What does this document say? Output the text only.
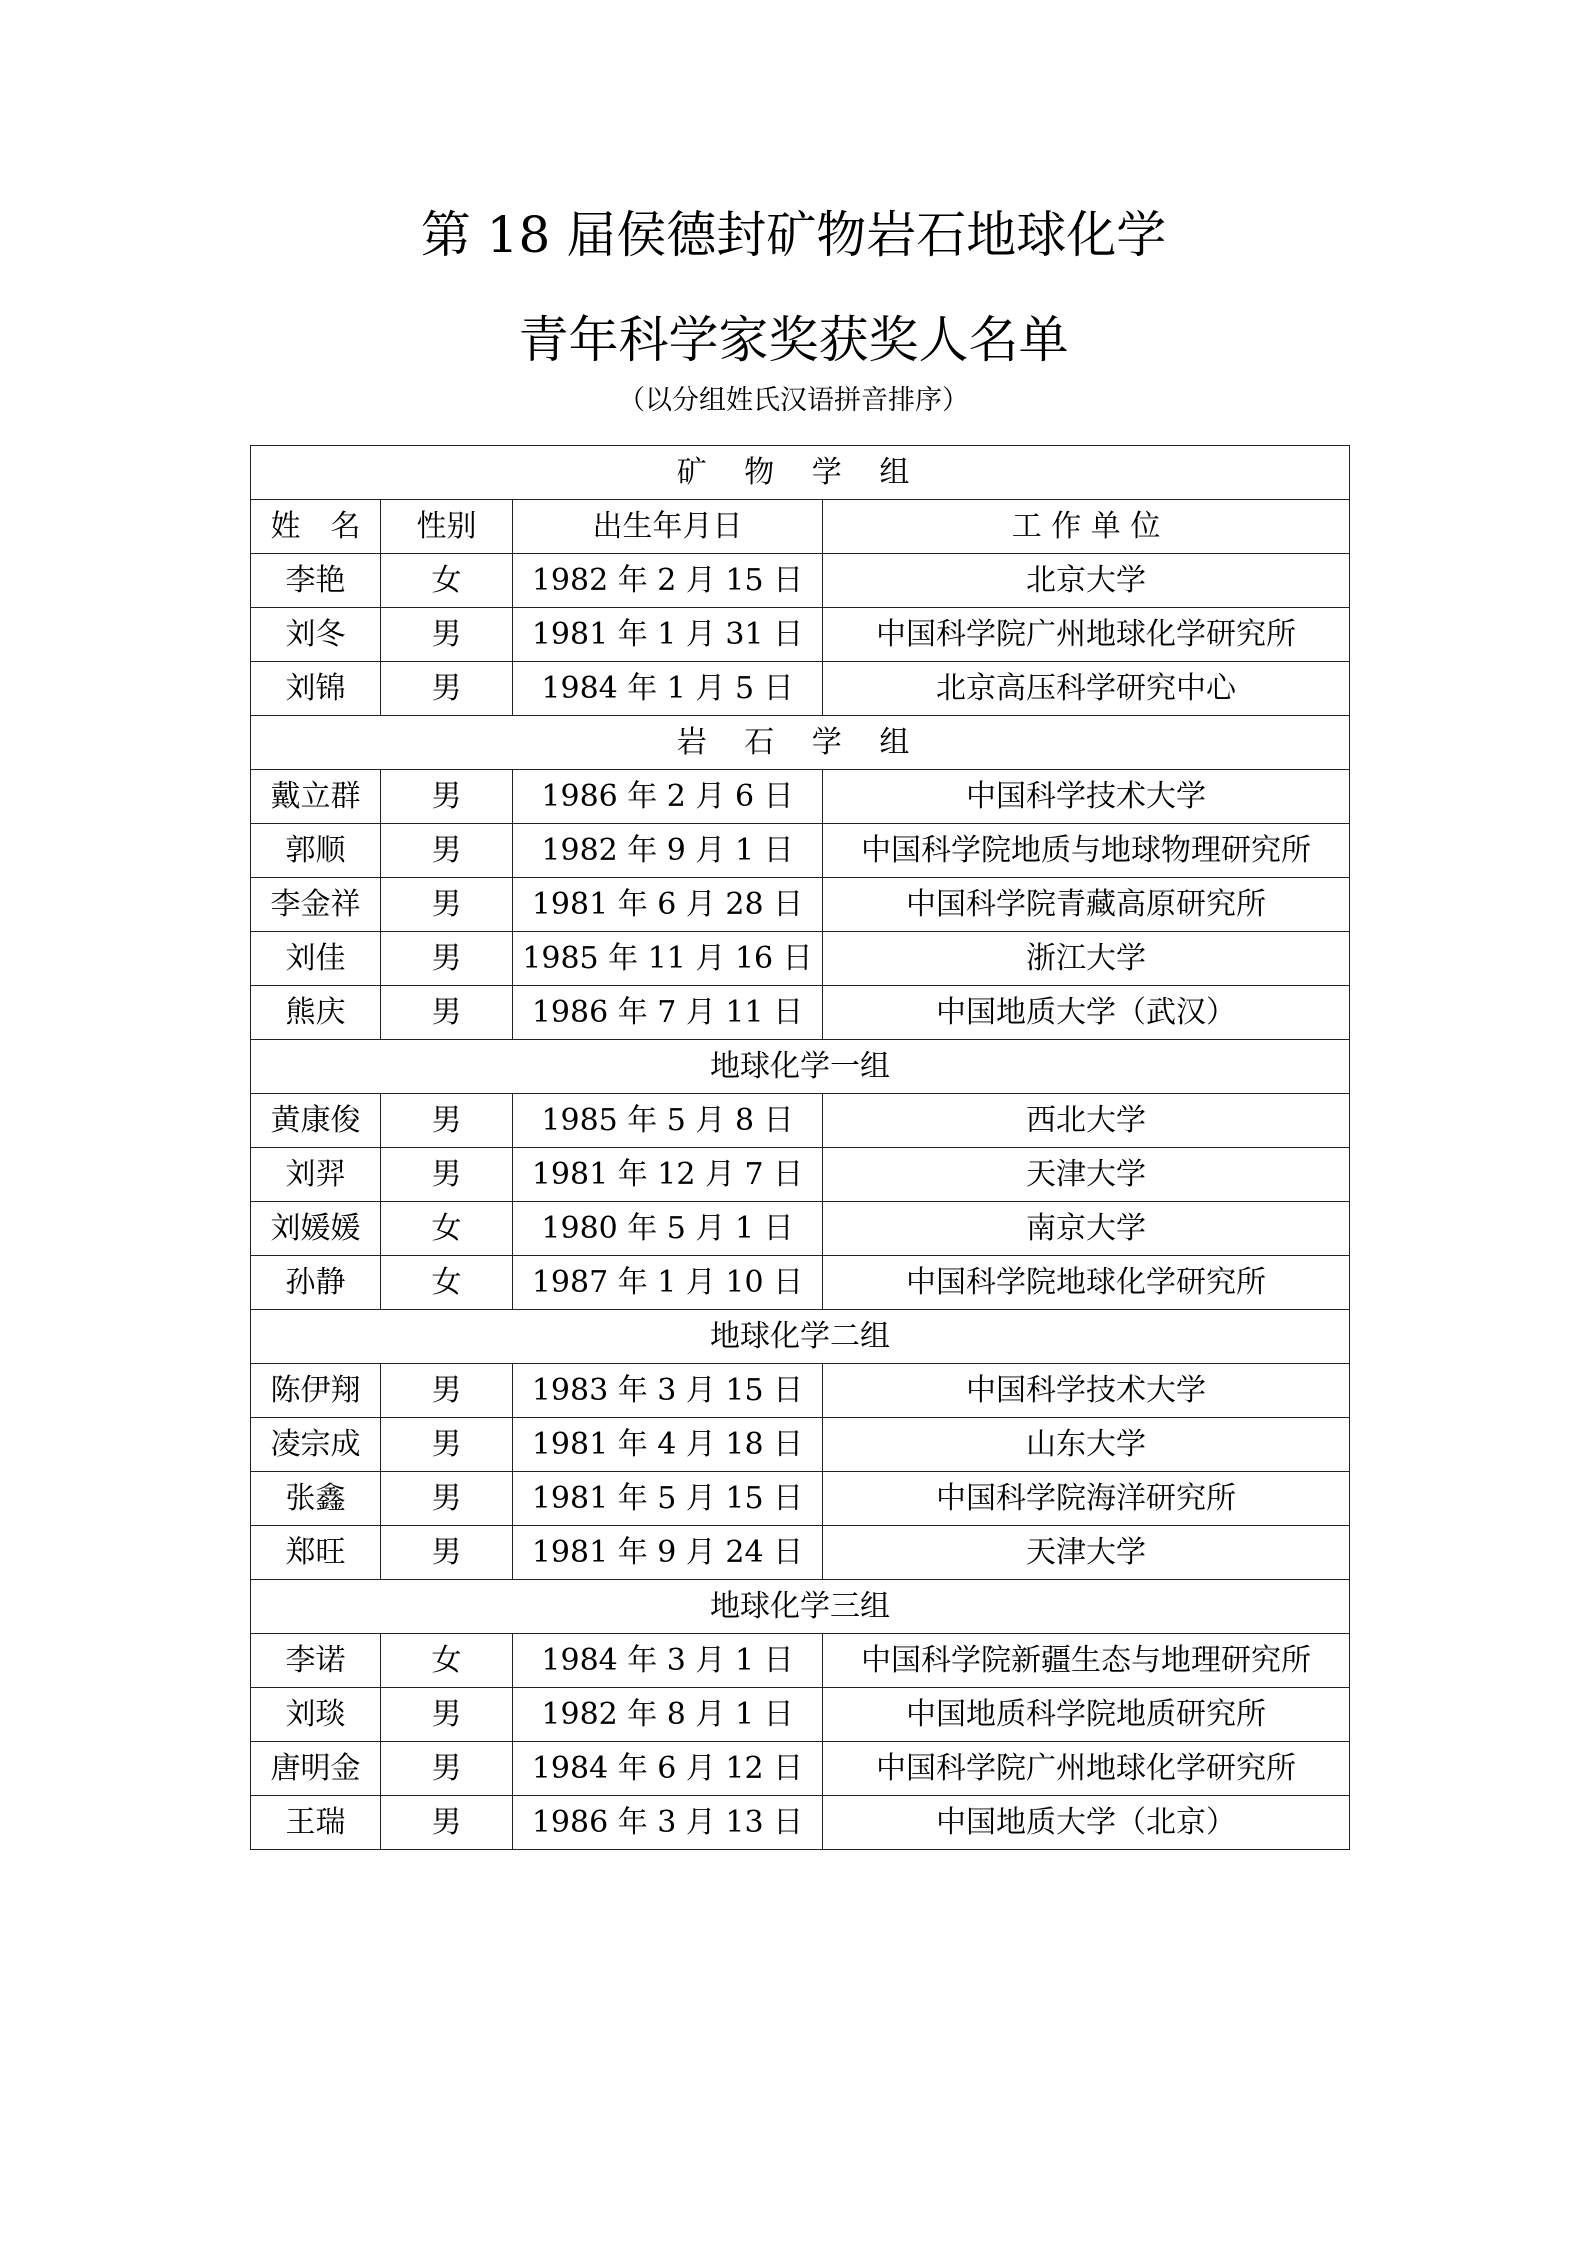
第 18 届侯德封矿物岩石地球化学
青年科学家奖获奖人名单
（以分组姓氏汉语拼音排序）
矿 物 学 组			
姓　名	性别	出生年月日	工 作 单 位
李艳	女	1982 年 2 月 15 日	北京大学
刘冬	男	1981 年 1 月 31 日	中国科学院广州地球化学研究所
刘锦	男	1984 年 1 月 5 日	北京高压科学研究中心
岩 石 学 组			
戴立群	男	1986 年 2 月 6 日	中国科学技术大学
郭顺	男	1982 年 9 月 1 日	中国科学院地质与地球物理研究所
李金祥	男	1981 年 6 月 28 日	中国科学院青藏高原研究所
刘佳	男	1985 年 11 月 16 日	浙江大学
熊庆	男	1986 年 7 月 11 日	中国地质大学（武汉）
地球化学一组			
黄康俊	男	1985 年 5 月 8 日	西北大学
刘羿	男	1981 年 12 月 7 日	天津大学
刘媛媛	女	1980 年 5 月 1 日	南京大学
孙静	女	1987 年 1 月 10 日	中国科学院地球化学研究所
地球化学二组			
陈伊翔	男	1983 年 3 月 15 日	中国科学技术大学
凌宗成	男	1981 年 4 月 18 日	山东大学
张鑫	男	1981 年 5 月 15 日	中国科学院海洋研究所
郑旺	男	1981 年 9 月 24 日	天津大学
地球化学三组			
李诺	女	1984 年 3 月 1 日	中国科学院新疆生态与地理研究所
刘琰	男	1982 年 8 月 1 日	中国地质科学院地质研究所
唐明金	男	1984 年 6 月 12 日	中国科学院广州地球化学研究所
王瑞	男	1986 年 3 月 13 日	中国地质大学（北京）
